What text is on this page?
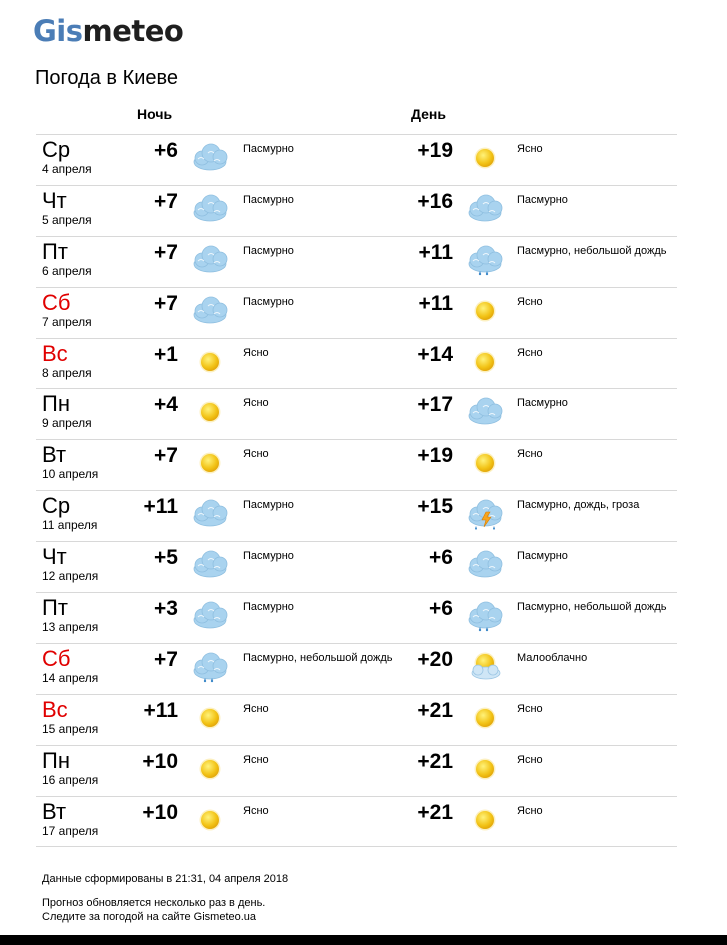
Gismeteo
Погода в Киеве
Ночь	День
Ср
4 апреля
+6	Пасмурно	+19	Ясно
Чт
5 апреля
+7	Пасмурно	+16	Пасмурно
Пт
6 апреля
+7	Пасмурно	+11	Пасмурно, небольшой дождь
Сб
7 апреля
+7	Пасмурно	+11	Ясно
Вс
8 апреля
+1	Ясно	+14	Ясно
Пн
9 апреля
+4	Ясно	+17	Пасмурно
Вт
10 апреля
+7	Ясно	+19	Ясно
Ср
11 апреля
+11	Пасмурно	+15	Пасмурно, дождь, гроза
Чт
12 апреля
+5	Пасмурно	+6	Пасмурно
Пт
13 апреля
+3	Пасмурно	+6	Пасмурно, небольшой дождь
Сб
14 апреля
+7	Пасмурно, небольшой дождь	+20	Малооблачно
Вс
15 апреля
+11	Ясно	+21	Ясно
Пн
16 апреля
+10	Ясно	+21	Ясно
Вт
17 апреля
+10	Ясно	+21	Ясно
Данные сформированы в 21:31, 04 апреля 2018
Прогноз обновляется несколько раз в день.
Следите за погодой на сайте Gismeteo.ua
